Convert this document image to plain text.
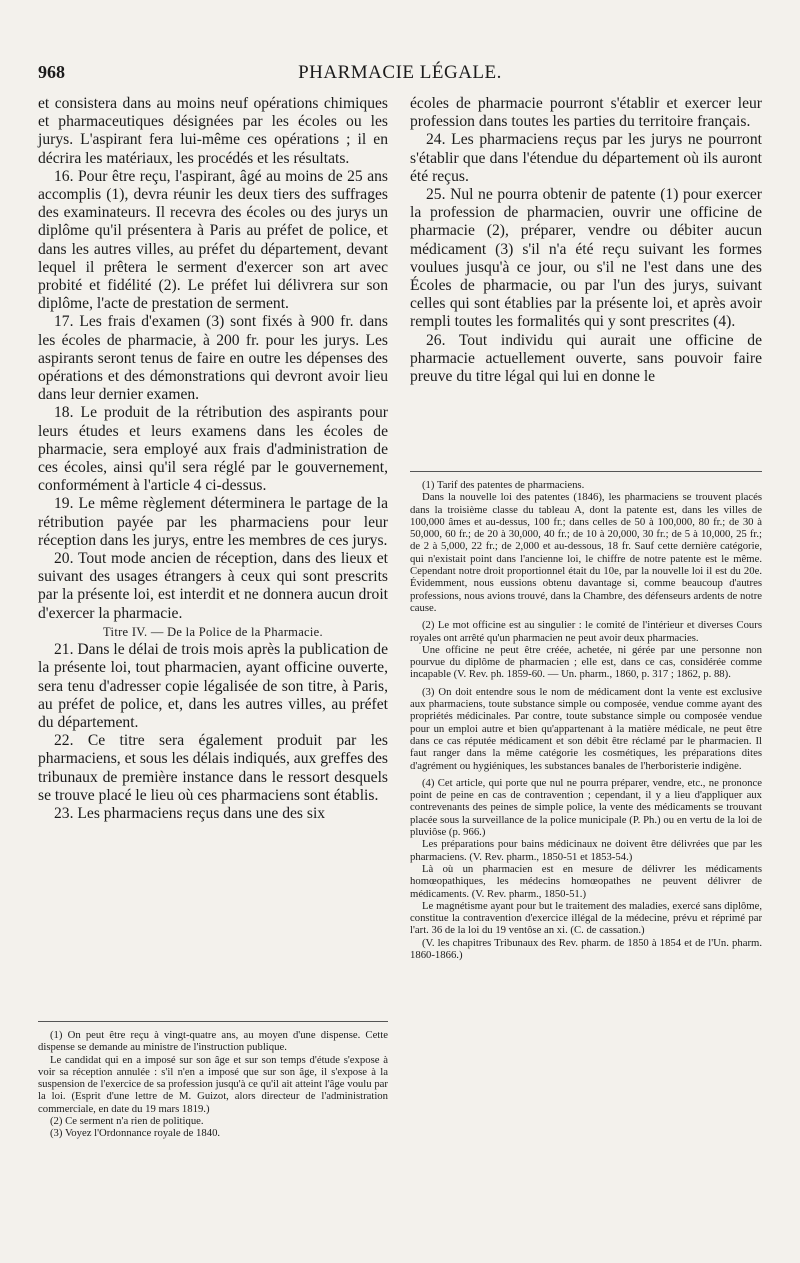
968	PHARMACIE LÉGALE.

et consistera dans au moins neuf opérations chimiques et pharmaceutiques désignées par les écoles ou les jurys. L'aspirant fera lui-même ces opérations ; il en décrira les matériaux, les procédés et les résultats.

16. Pour être reçu, l'aspirant, âgé au moins de 25 ans accomplis (1), devra réunir les deux tiers des suffrages des examinateurs. Il recevra des écoles ou des jurys un diplôme qu'il présentera à Paris au préfet de police, et dans les autres villes, au préfet du département, devant lequel il prêtera le serment d'exercer son art avec probité et fidélité (2). Le préfet lui délivrera sur son diplôme, l'acte de prestation de serment.

17. Les frais d'examen (3) sont fixés à 900 fr. dans les écoles de pharmacie, à 200 fr. pour les jurys. Les aspirants seront tenus de faire en outre les dépenses des opérations et des démonstrations qui devront avoir lieu dans leur dernier examen.

18. Le produit de la rétribution des aspirants pour leurs études et leurs examens dans les écoles de pharmacie, sera employé aux frais d'administration de ces écoles, ainsi qu'il sera réglé par le gouvernement, conformément à l'article 4 ci-dessus.

19. Le même règlement déterminera le partage de la rétribution payée par les pharmaciens pour leur réception dans les jurys, entre les membres de ces jurys.

20. Tout mode ancien de réception, dans des lieux et suivant des usages étrangers à ceux qui sont prescrits par la présente loi, est interdit et ne donnera aucun droit d'exercer la pharmacie.

Titre IV. — De la Police de la Pharmacie.

21. Dans le délai de trois mois après la publication de la présente loi, tout pharmacien, ayant officine ouverte, sera tenu d'adresser copie légalisée de son titre, à Paris, au préfet de police, et, dans les autres villes, au préfet du département.

22. Ce titre sera également produit par les pharmaciens, et sous les délais indiqués, aux greffes des tribunaux de première instance dans le ressort desquels se trouve placé le lieu où ces pharmaciens sont établis.

23. Les pharmaciens reçus dans une des six

(1) On peut être reçu à vingt-quatre ans, au moyen d'une dispense. Cette dispense se demande au ministre de l'instruction publique.

Le candidat qui en a imposé sur son âge et sur son temps d'étude s'expose à voir sa réception annulée : s'il n'en a imposé que sur son âge, il s'expose à la suspension de l'exercice de sa profession jusqu'à ce qu'il ait atteint l'âge voulu par la loi. (Esprit d'une lettre de M. Guizot, alors directeur de l'administration commerciale, en date du 19 mars 1819.)

(2) Ce serment n'a rien de politique.

(3) Voyez l'Ordonnance royale de 1840.

écoles de pharmacie pourront s'établir et exercer leur profession dans toutes les parties du territoire français.

24. Les pharmaciens reçus par les jurys ne pourront s'établir que dans l'étendue du département où ils auront été reçus.

25. Nul ne pourra obtenir de patente (1) pour exercer la profession de pharmacien, ouvrir une officine de pharmacie (2), préparer, vendre ou débiter aucun médicament (3) s'il n'a été reçu suivant les formes voulues jusqu'à ce jour, ou s'il ne l'est dans une des Écoles de pharmacie, ou par l'un des jurys, suivant celles qui sont établies par la présente loi, et après avoir rempli toutes les formalités qui y sont prescrites (4).

26. Tout individu qui aurait une officine de pharmacie actuellement ouverte, sans pouvoir faire preuve du titre légal qui lui en donne le

(1) Tarif des patentes de pharmaciens.

Dans la nouvelle loi des patentes (1846), les pharmaciens se trouvent placés dans la troisième classe du tableau A, dont la patente est, dans les villes de 100,000 âmes et au-dessus, 100 fr.; dans celles de 50 à 100,000, 80 fr.; de 30 à 50,000, 60 fr.; de 20 à 30,000, 40 fr.; de 10 à 20,000, 30 fr.; de 5 à 10,000, 25 fr.; de 2 à 5,000, 22 fr.; de 2,000 et au-dessous, 18 fr. Sauf cette dernière catégorie, qui n'existait point dans l'ancienne loi, le chiffre de notre patente est le même. Cependant notre droit proportionnel était du 10e, par la nouvelle loi il est du 20e. Évidemment, nous eussions obtenu davantage si, comme beaucoup d'autres professions, nous avions trouvé, dans la Chambre, des défenseurs ardents de notre cause.

(2) Le mot officine est au singulier : le comité de l'intérieur et diverses Cours royales ont arrêté qu'un pharmacien ne peut avoir deux pharmacies.

Une officine ne peut être créée, achetée, ni gérée par une personne non pourvue du diplôme de pharmacien ; elle est, dans ce cas, considérée comme incapable (V. Rev. ph. 1859-60. — Un. pharm., 1860, p. 317 ; 1862, p. 88).

(3) On doit entendre sous le nom de médicament dont la vente est exclusive aux pharmaciens, toute substance simple ou composée, vendue comme ayant des propriétés médicinales. Par contre, toute substance simple ou composée vendue pour un emploi autre et bien qu'appartenant à la matière médicale, ne peut être dans ce cas réputée médicament et son débit être réclamé par le pharmacien. Il faut ranger dans la même catégorie les cosmétiques, les préparations dites d'agrément ou hygiéniques, les substances banales de l'herboristerie indigène.

(4) Cet article, qui porte que nul ne pourra préparer, vendre, etc., ne prononce point de peine en cas de contravention ; cependant, il y a lieu d'appliquer aux contrevenants des peines de simple police, la vente des médicaments se trouvant placée sous la surveillance de la police municipale (P. Ph.) ou en vertu de la loi de pluviôse (p. 966.)

Les préparations pour bains médicinaux ne doivent être délivrées que par les pharmaciens. (V. Rev. pharm., 1850-51 et 1853-54.)

Là où un pharmacien est en mesure de délivrer les médicaments homœopathiques, les médecins homœopathes ne peuvent délivrer de médicaments. (V. Rev. pharm., 1850-51.)

Le magnétisme ayant pour but le traitement des maladies, exercé sans diplôme, constitue la contravention d'exercice illégal de la médecine, prévu et réprimé par l'art. 36 de la loi du 19 ventôse an xi. (C. de cassation.)

(V. les chapitres Tribunaux des Rev. pharm. de 1850 à 1854 et de l'Un. pharm. 1860-1866.)
